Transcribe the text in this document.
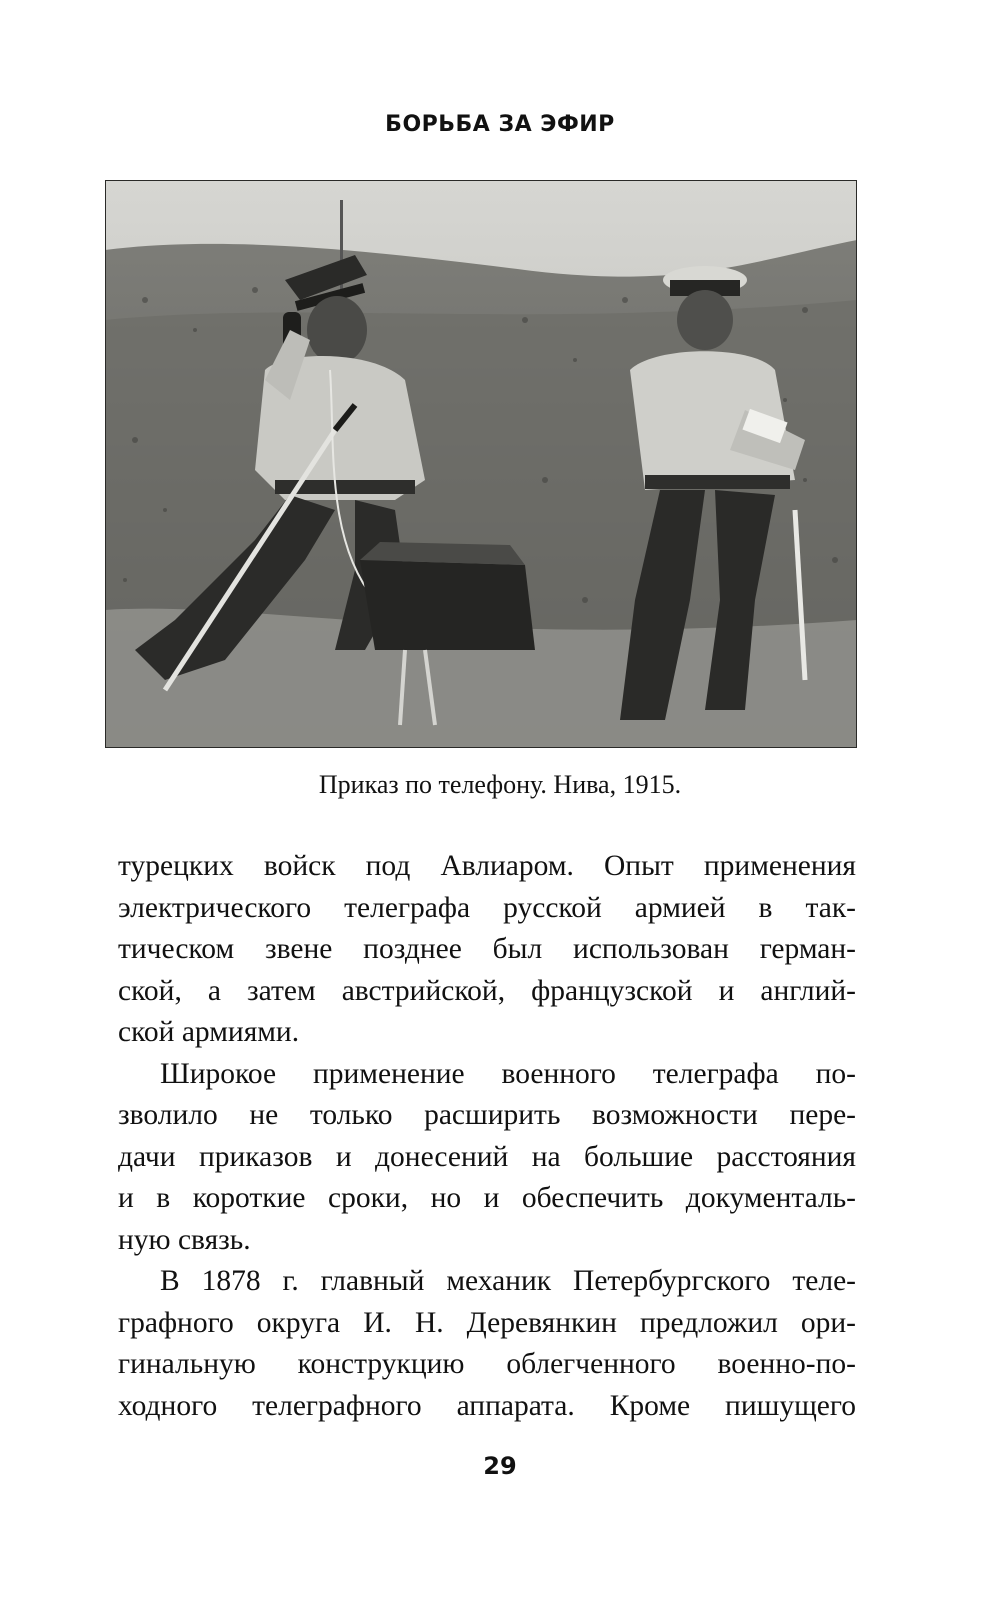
БОРЬБА ЗА ЭФИР
Приказ по телефону. Нива, 1915.
турецких войск под Авлиаром. Опыт применения
электрического телеграфа русской армией в так-
тическом звене позднее был использован герман-
ской, а затем австрийской, французской и англий-
ской армиями.
Широкое применение военного телеграфа по-
зволило не только расширить возможности пере-
дачи приказов и донесений на большие расстояния
и в короткие сроки, но и обеспечить документаль-
ную связь.
В 1878 г. главный механик Петербургского теле-
графного округа И. Н. Деревянкин предложил ори-
гинальную конструкцию облегченного военно-по-
ходного телеграфного аппарата. Кроме пишущего
29
